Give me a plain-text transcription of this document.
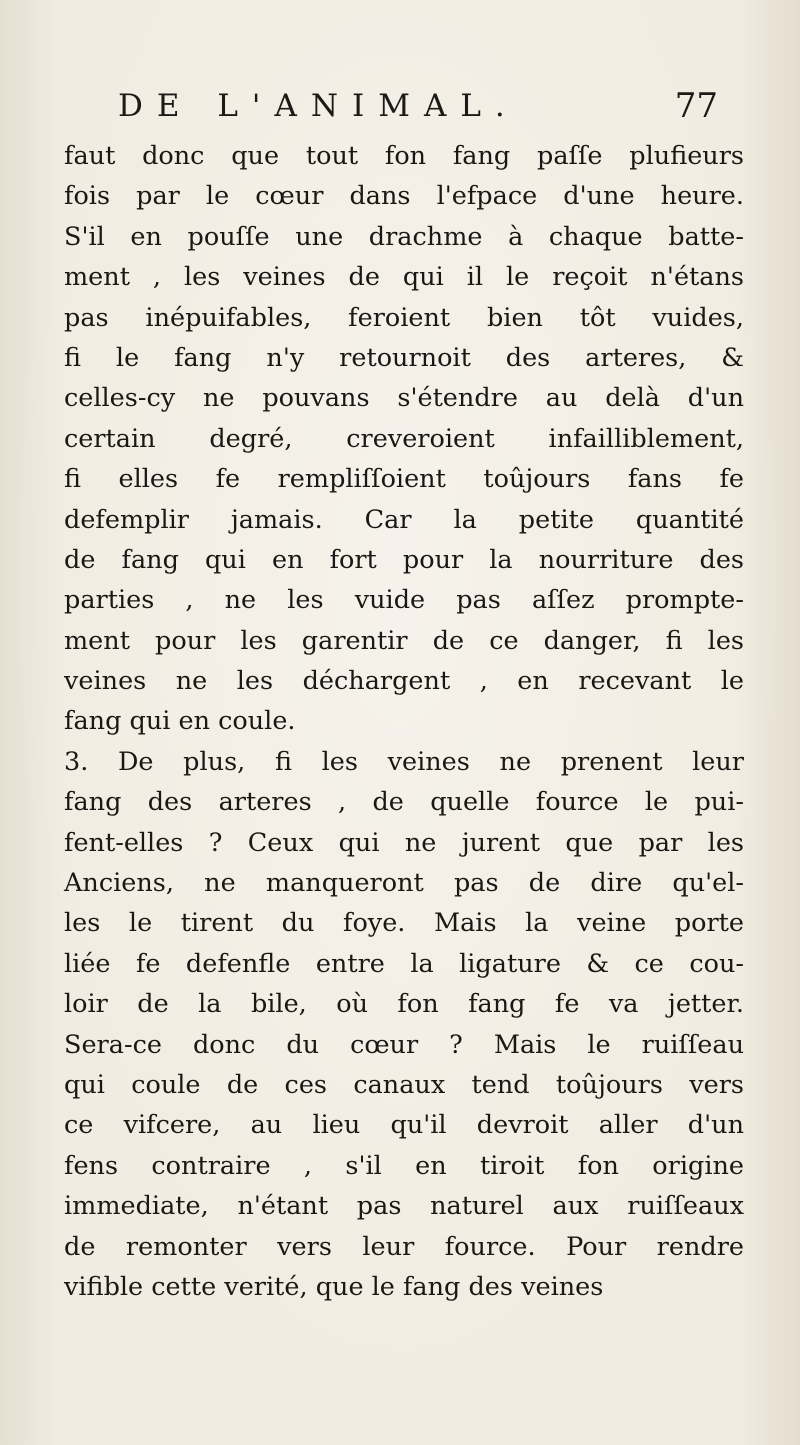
DE L'ANIMAL.	77
faut donc que tout fon fang paſſe plufieurs
fois par le cœur dans l'efpace d'une heure.
S'il en pouſſe une drachme à chaque batte-
ment , les veines de qui il le reçoit n'étans
pas inépuifables, feroient bien tôt vuides,
fi le fang n'y retournoit des arteres, &
celles-cy ne pouvans s'étendre au delà d'un
certain degré, creveroient infailliblement,
fi elles fe rempliſſoient toûjours fans fe
defemplir jamais. Car la petite quantité
de fang qui en fort pour la nourriture des
parties , ne les vuide pas aſſez prompte-
ment pour les garentir de ce danger, fi les
veines ne les déchargent , en recevant le
fang qui en coule.
3. De plus, fi les veines ne prenent leur
fang des arteres , de quelle fource le pui-
fent-elles ? Ceux qui ne jurent que par les
Anciens, ne manqueront pas de dire qu'el-
les le tirent du foye. Mais la veine porte
liée fe defenfle entre la ligature & ce cou-
loir de la bile, où fon fang fe va jetter.
Sera-ce donc du cœur ? Mais le ruiſſeau
qui coule de ces canaux tend toûjours vers
ce vifcere, au lieu qu'il devroit aller d'un
fens contraire , s'il en tiroit fon origine
immediate, n'étant pas naturel aux ruiſſeaux
de remonter vers leur fource. Pour rendre
vifible cette verité, que le fang des veines
